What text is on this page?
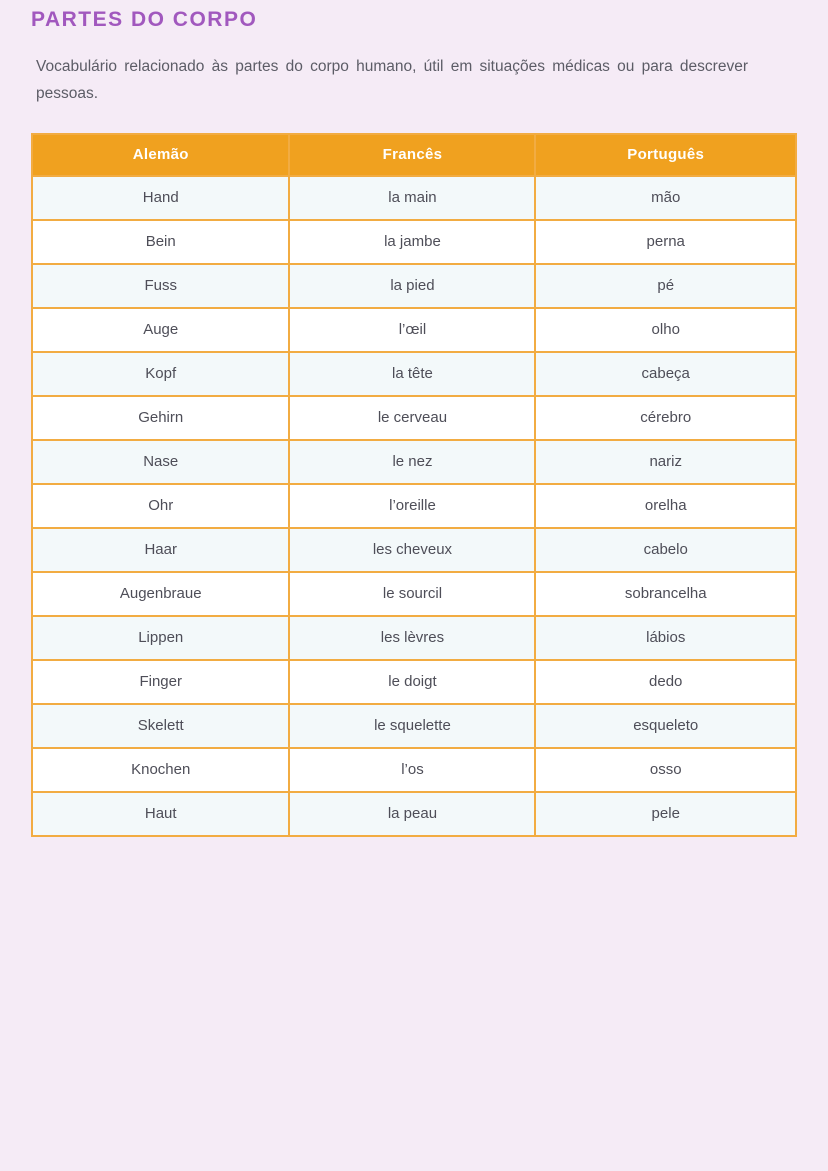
PARTES DO CORPO

Vocabulário relacionado às partes do corpo humano, útil em situações médicas ou para descrever pessoas.

Alemão	Francês	Português
Hand	la main	mão
Bein	la jambe	perna
Fuss	la pied	pé
Auge	l’œil	olho
Kopf	la tête	cabeça
Gehirn	le cerveau	cérebro
Nase	le nez	nariz
Ohr	l’oreille	orelha
Haar	les cheveux	cabelo
Augenbraue	le sourcil	sobrancelha
Lippen	les lèvres	lábios
Finger	le doigt	dedo
Skelett	le squelette	esqueleto
Knochen	l’os	osso
Haut	la peau	pele
